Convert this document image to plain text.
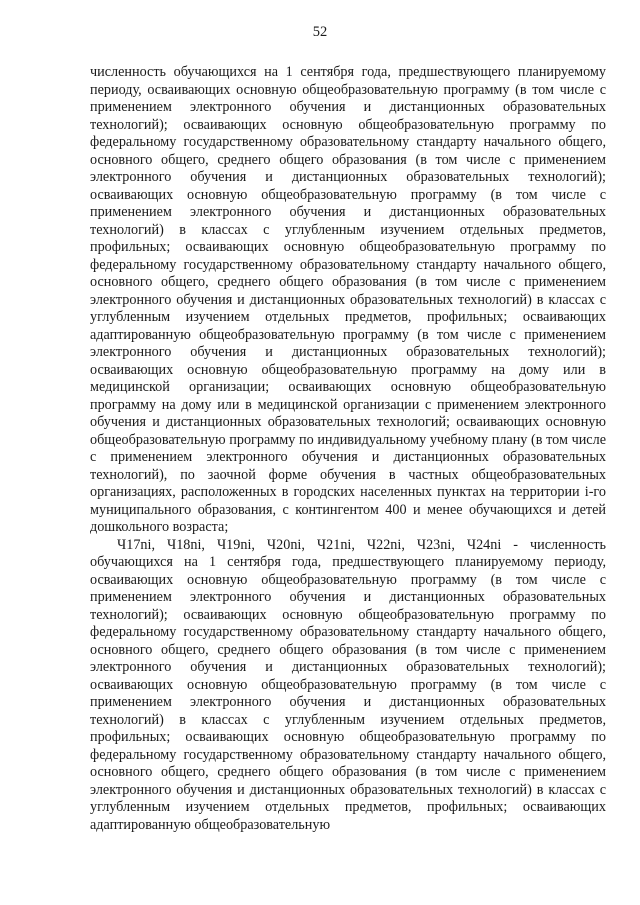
52

численность обучающихся на 1 сентября года, предшествующего планируемому периоду, осваивающих основную общеобразовательную программу (в том числе с применением электронного обучения и дистанционных образовательных технологий); осваивающих основную общеобразовательную программу по федеральному государственному образовательному стандарту начального общего, основного общего, среднего общего образования (в том числе с применением электронного обучения и дистанционных образовательных технологий); осваивающих основную общеобразовательную программу (в том числе с применением электронного обучения и дистанционных образовательных технологий) в классах с углубленным изучением отдельных предметов, профильных; осваивающих основную общеобразовательную программу по федеральному государственному образовательному стандарту начального общего, основного общего, среднего общего образования (в том числе с применением электронного обучения и дистанционных образовательных технологий) в классах с углубленным изучением отдельных предметов, профильных; осваивающих адаптированную общеобразовательную программу (в том числе с применением электронного обучения и дистанционных образовательных технологий); осваивающих основную общеобразовательную программу на дому или в медицинской организации; осваивающих основную общеобразовательную программу на дому или в медицинской организации с применением электронного обучения и дистанционных образовательных технологий; осваивающих основную общеобразовательную программу по индивидуальному учебному плану (в том числе с применением электронного обучения и дистанционных образовательных технологий), по заочной форме обучения в частных общеобразовательных организациях, расположенных в городских населенных пунктах на территории i-го муниципального образования, с контингентом 400 и менее обучающихся и детей дошкольного возраста;

Ч17ni, Ч18ni, Ч19ni, Ч20ni, Ч21ni, Ч22ni, Ч23ni, Ч24ni - численность обучающихся на 1 сентября года, предшествующего планируемому периоду, осваивающих основную общеобразовательную программу (в том числе с применением электронного обучения и дистанционных образовательных технологий); осваивающих основную общеобразовательную программу по федеральному государственному образовательному стандарту начального общего, основного общего, среднего общего образования (в том числе с применением электронного обучения и дистанционных образовательных технологий); осваивающих основную общеобразовательную программу (в том числе с применением электронного обучения и дистанционных образовательных технологий) в классах с углубленным изучением отдельных предметов, профильных; осваивающих основную общеобразовательную программу по федеральному государственному образовательному стандарту начального общего, основного общего, среднего общего образования (в том числе с применением электронного обучения и дистанционных образовательных технологий) в классах с углубленным изучением отдельных предметов, профильных; осваивающих адаптированную общеобразовательную
